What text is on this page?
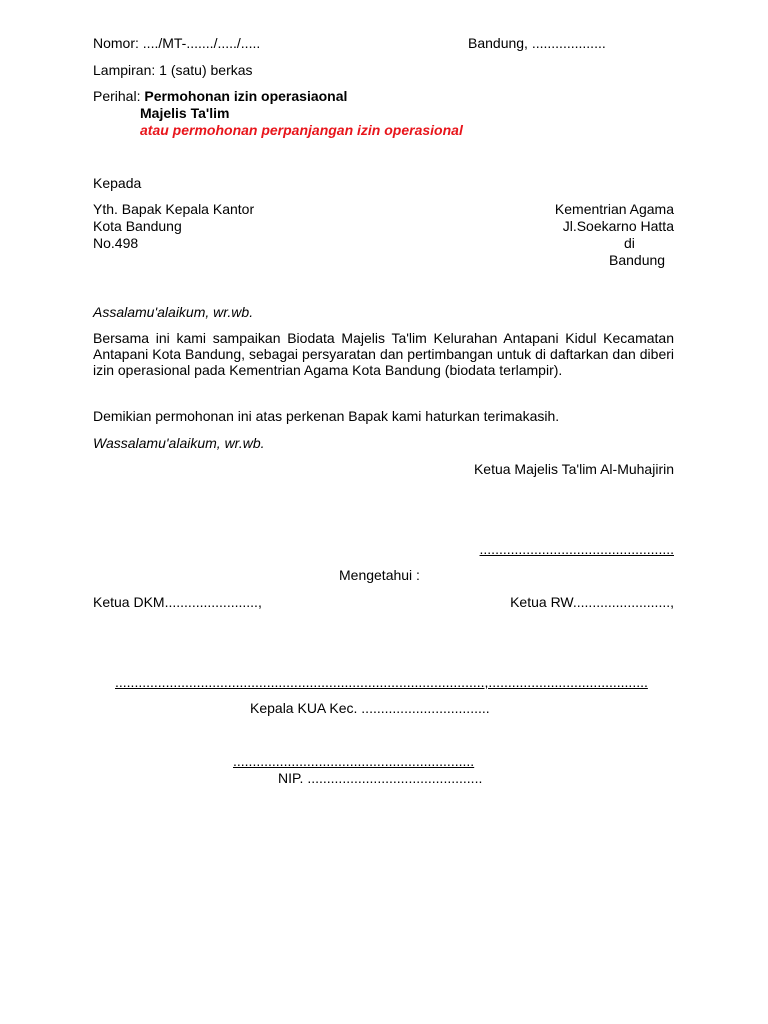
Nomor: ..../MT-......./...../.....	Bandung, ...................
Lampiran: 1 (satu) berkas
Perihal: Permohonan izin operasiaonal
Majelis Ta'lim
atau permohonan perpanjangan izin operasional
Kepada
Yth. Bapak Kepala Kantor	Kementrian Agama
Kota Bandung	Jl.Soekarno Hatta
No.498	di
Bandung
Assalamu'alaikum, wr.wb.
Bersama ini kami sampaikan Biodata Majelis Ta'lim Kelurahan Antapani Kidul Kecamatan Antapani Kota Bandung, sebagai persyaratan dan pertimbangan untuk di daftarkan dan diberi izin operasional pada Kementrian Agama Kota Bandung (biodata terlampir).
Demikian permohonan ini atas perkenan Bapak kami haturkan terimakasih.
Wassalamu'alaikum, wr.wb.
Ketua Majelis Ta'lim Al-Muhajirin
..................................................
Mengetahui :
Ketua DKM........................,	Ketua RW.........................,
...............................................................................................,.........................................
Kepala KUA Kec. .................................
..............................................................
NIP. .............................................
